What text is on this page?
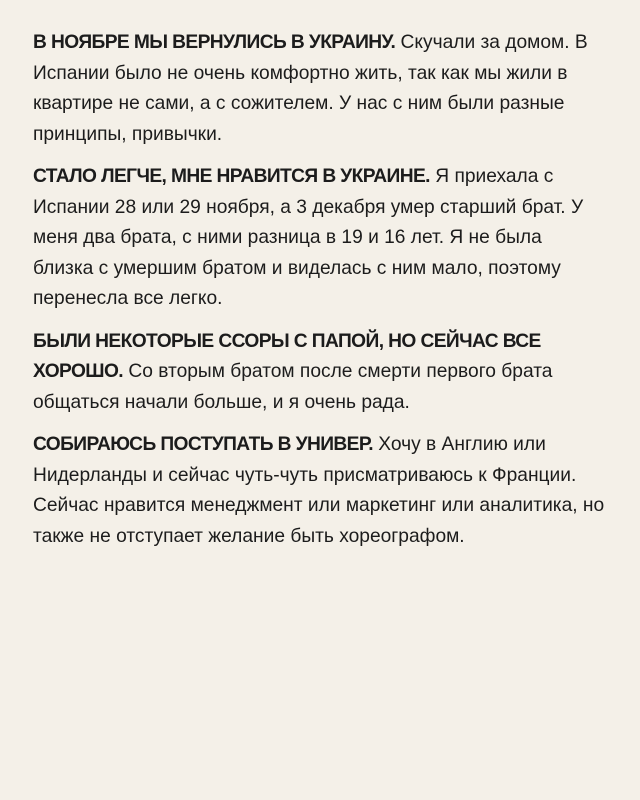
В НОЯБРЕ МЫ ВЕРНУЛИСЬ В УКРАИНУ. Скучали за домом. В Испании было не очень комфортно жить, так как мы жили в квартире не сами, а с сожителем. У нас с ним были разные принципы, привычки.

СТАЛО ЛЕГЧЕ, МНЕ НРАВИТСЯ В УКРАИНЕ. Я приехала с Испании 28 или 29 ноября, а 3 декабря умер старший брат. У меня два брата, с ними разница в 19 и 16 лет. Я не была близка с умершим братом и виделась с ним мало, поэтому перенесла все легко.

БЫЛИ НЕКОТОРЫЕ ССОРЫ С ПАПОЙ, НО СЕЙЧАС ВСЕ ХОРОШО. Со вторым братом после смерти первого брата общаться начали больше, и я очень рада.

СОБИРАЮСЬ ПОСТУПАТЬ В УНИВЕР. Хочу в Англию или Нидерланды и сейчас чуть-чуть присматриваюсь к Франции. Сейчас нравится менеджмент или маркетинг или аналитика, но также не отступает желание быть хореографом.
